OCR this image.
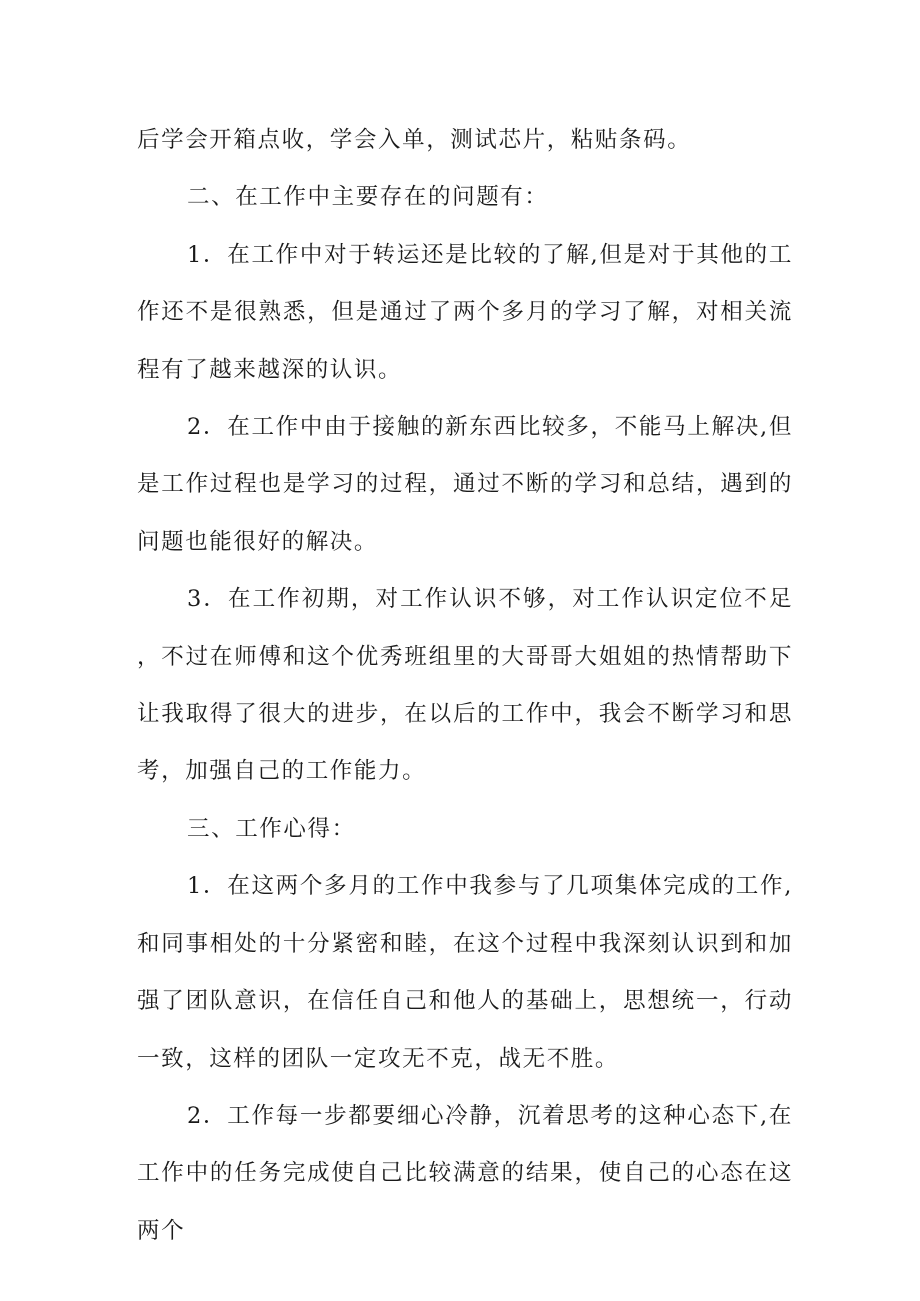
后学会开箱点收，学会入单，测试芯片，粘贴条码。

二、在工作中主要存在的问题有：

1．在工作中对于转运还是比较的了解,但是对于其他的工作还不是很熟悉，但是通过了两个多月的学习了解，对相关流程有了越来越深的认识。

2．在工作中由于接触的新东西比较多，不能马上解决,但是工作过程也是学习的过程，通过不断的学习和总结，遇到的问题也能很好的解决。

3．在工作初期，对工作认识不够，对工作认识定位不足，不过在师傅和这个优秀班组里的大哥哥大姐姐的热情帮助下让我取得了很大的进步，在以后的工作中，我会不断学习和思考，加强自己的工作能力。

三、工作心得：

1．在这两个多月的工作中我参与了几项集体完成的工作,和同事相处的十分紧密和睦，在这个过程中我深刻认识到和加强了团队意识，在信任自己和他人的基础上，思想统一，行动一致，这样的团队一定攻无不克，战无不胜。

2．工作每一步都要细心冷静，沉着思考的这种心态下,在工作中的任务完成使自己比较满意的结果，使自己的心态在这两个
